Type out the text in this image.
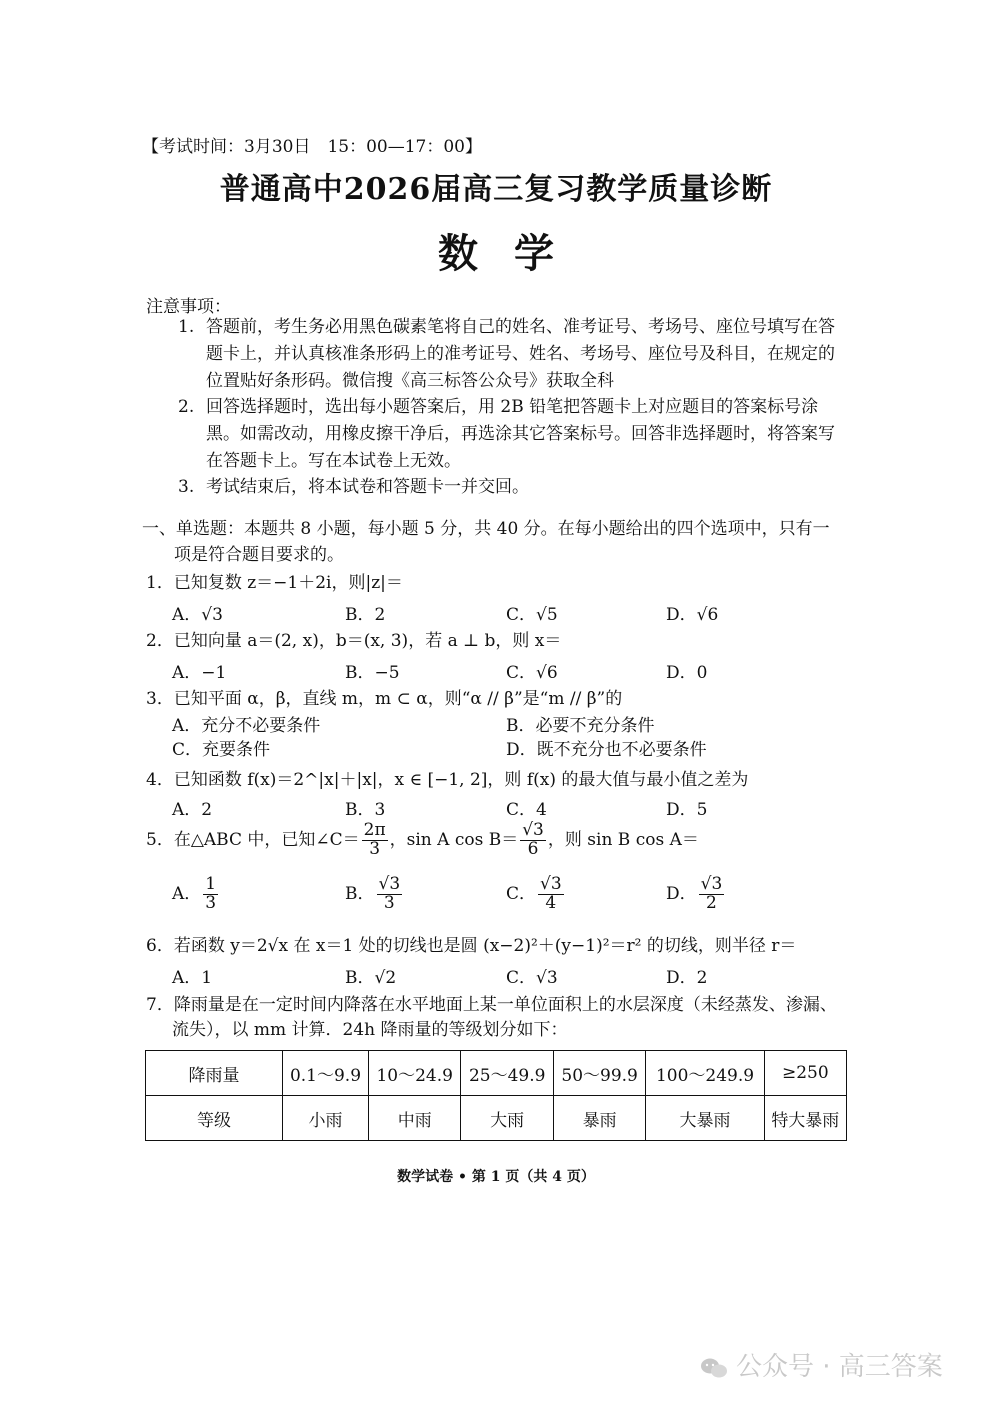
【考试时间：3月30日　15：00—17：00】
普通高中2026届高三复习教学质量诊断
数学
注意事项：
1. 答题前，考生务必用黑色碳素笔将自己的姓名、准考证号、考场号、座位号填写在答题卡上，并认真核准条形码上的准考证号、姓名、考场号、座位号及科目，在规定的位置贴好条形码。微信搜《高三标答公众号》获取全科
2. 回答选择题时，选出每小题答案后，用 2B 铅笔把答题卡上对应题目的答案标号涂黑。如需改动，用橡皮擦干净后，再选涂其它答案标号。回答非选择题时，将答案写在答题卡上。写在本试卷上无效。
3. 考试结束后，将本试卷和答题卡一并交回。
一、单选题：本题共 8 小题，每小题 5 分，共 40 分。在每小题给出的四个选项中，只有一
项是符合题目要求的。
1．已知复数 z＝−1＋2i，则|z|＝
A．√3	B．2	C．√5	D．√6
2．已知向量 a＝(2, x)，b＝(x, 3)，若 a ⊥ b，则 x＝
A．−1	B．−5	C．√6	D．0
3．已知平面 α，β，直线 m，m ⊂ α，则“α // β”是“m // β”的
A．充分不必要条件	B．必要不充分条件
C．充要条件	D．既不充分也不必要条件
4．已知函数 f(x)＝2^|x|＋|x|，x ∈ [−1, 2]，则 f(x) 的最大值与最小值之差为
A．2	B．3	C．4	D．5
5．在△ABC 中，已知∠C＝ $\frac{2\pi}{3}$ ，sin A $\cos B= \frac{√3}{6}$ ，则 sin B cos A＝
A． $\frac{1}{3}$	B． $\frac{√3}{3}$	C． $\frac{√3}{4}$	D． $\frac{√3}{2}$
6．若函数 y＝2√x 在 x＝1 处的切线也是圆 (x−2)²＋(y−1)²＝r² 的切线，则半径 r＝
A．1	B．√2	C．√3	D．2
7．降雨量是在一定时间内降落在水平地面上某一单位面积上的水层深度（未经蒸发、渗漏、
流失），以 mm 计算．24h 降雨量的等级划分如下：
降雨量	0.1～9.9	10～24.9	25～49.9	50～99.9	100～249.9	≥250
等级	小雨	中雨	大雨	暴雨	大暴雨	特大暴雨
数学试卷 • 第 1 页（共 4 页）
公众号 · 高三答案
